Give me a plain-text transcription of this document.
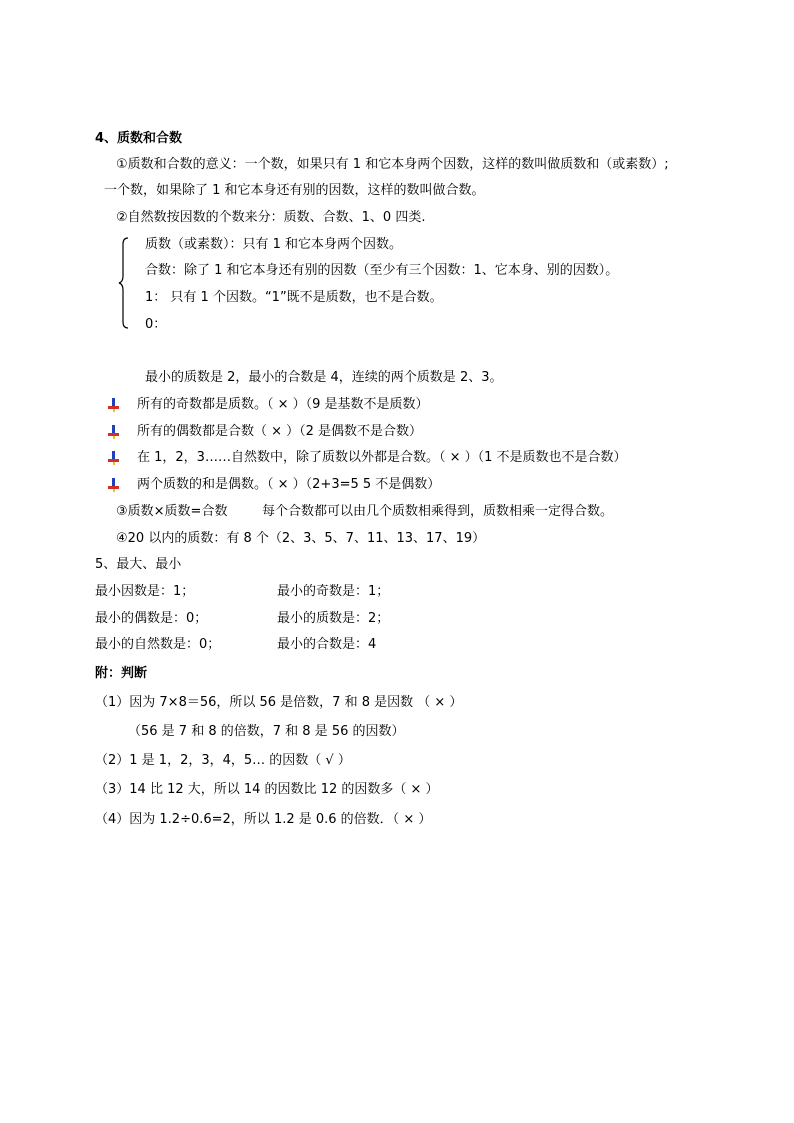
4、质数和合数
①质数和合数的意义：一个数，如果只有 1 和它本身两个因数，这样的数叫做质数和（或素数）;
一个数，如果除了 1 和它本身还有别的因数，这样的数叫做合数。
②自然数按因数的个数来分：质数、合数、1、0 四类.
质数（或素数）：只有 1 和它本身两个因数。
合数：除了 1 和它本身还有别的因数（至少有三个因数：1、它本身、别的因数）。
1： 只有 1 个因数。“1”既不是质数，也不是合数。
0：
最小的质数是 2，最小的合数是 4，连续的两个质数是 2、3。
所有的奇数都是质数。（ × ）（9 是基数不是质数）
所有的偶数都是合数（ × ）（2 是偶数不是合数）
在 1，2，3……自然数中，除了质数以外都是合数。（ × ）（1 不是质数也不是合数）
两个质数的和是偶数。（ × ）（2+3=5 5 不是偶数）
③质数×质数=合数	每个合数都可以由几个质数相乘得到，质数相乘一定得合数。
④20 以内的质数：有 8 个（2、3、5、7、11、13、17、19）
5、最大、最小
最小因数是：1；	最小的奇数是：1；
最小的偶数是：0；	最小的质数是：2；
最小的自然数是：0；	最小的合数是：4
附：判断
（1）因为 7×8＝56，所以 56 是倍数，7 和 8 是因数 （ × ）
（56 是 7 和 8 的倍数，7 和 8 是 56 的因数）
（2）1 是 1，2，3，4，5… 的因数（ √ ）
（3）14 比 12 大，所以 14 的因数比 12 的因数多（ × ）
（4）因为 1.2÷0.6=2，所以 1.2 是 0.6 的倍数．（ × ）
